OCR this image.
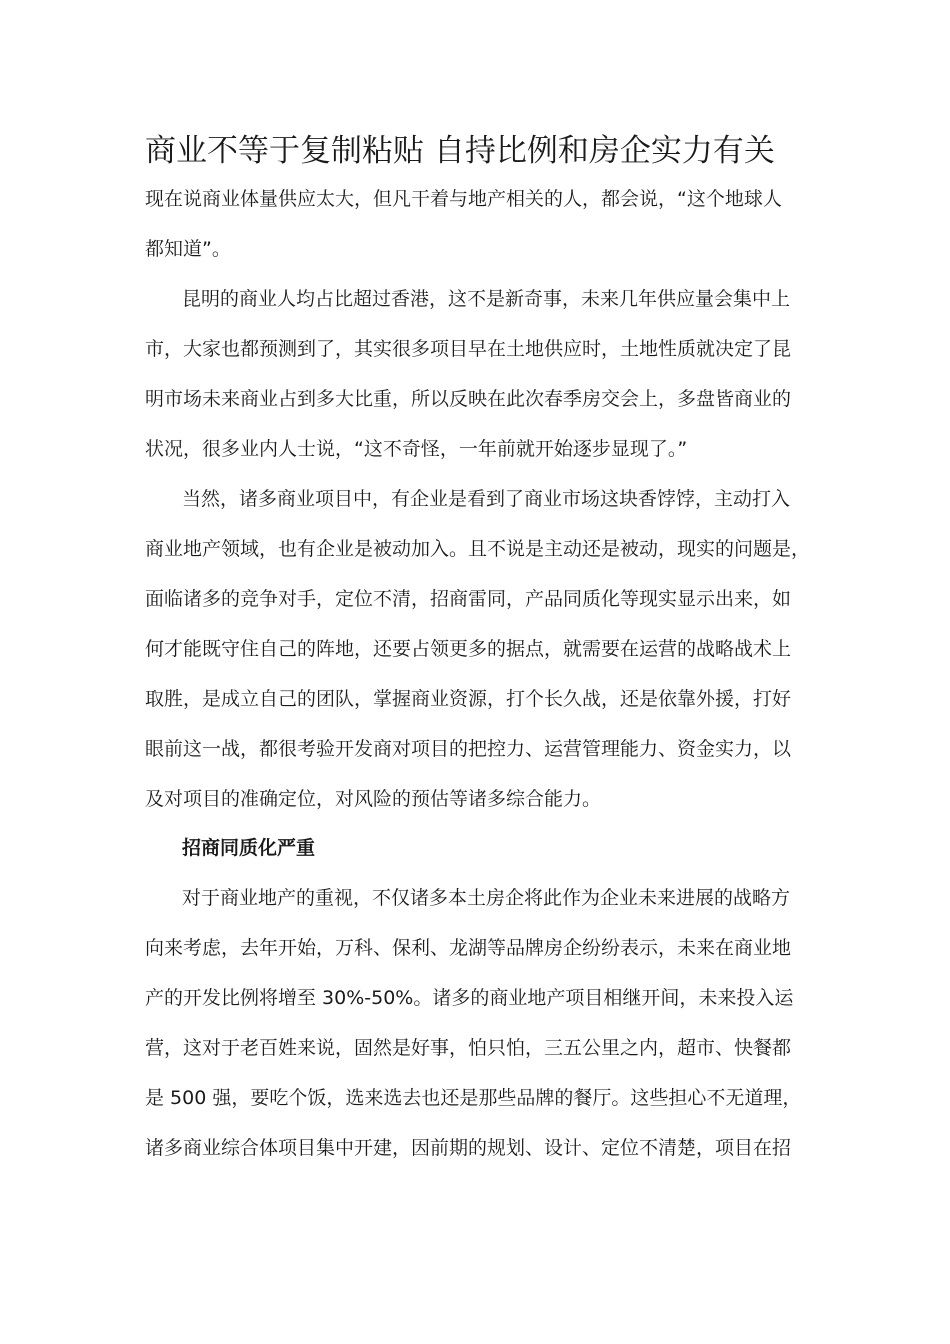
商业不等于复制粘贴 自持比例和房企实力有关
现在说商业体量供应太大，但凡干着与地产相关的人，都会说，“这个地球人
都知道”。
昆明的商业人均占比超过香港，这不是新奇事，未来几年供应量会集中上
市，大家也都预测到了，其实很多项目早在土地供应时，土地性质就决定了昆
明市场未来商业占到多大比重，所以反映在此次春季房交会上，多盘皆商业的
状况，很多业内人士说，“这不奇怪，一年前就开始逐步显现了。”
当然，诸多商业项目中，有企业是看到了商业市场这块香饽饽，主动打入
商业地产领域，也有企业是被动加入。且不说是主动还是被动，现实的问题是，
面临诸多的竞争对手，定位不清，招商雷同，产品同质化等现实显示出来，如
何才能既守住自己的阵地，还要占领更多的据点，就需要在运营的战略战术上
取胜，是成立自己的团队，掌握商业资源，打个长久战，还是依靠外援，打好
眼前这一战，都很考验开发商对项目的把控力、运营管理能力、资金实力，以
及对项目的准确定位，对风险的预估等诸多综合能力。
招商同质化严重
对于商业地产的重视，不仅诸多本土房企将此作为企业未来进展的战略方
向来考虑，去年开始，万科、保利、龙湖等品牌房企纷纷表示，未来在商业地
产的开发比例将增至 30%-50%。诸多的商业地产项目相继开间，未来投入运
营，这对于老百姓来说，固然是好事，怕只怕，三五公里之内，超市、快餐都
是 500 强，要吃个饭，选来选去也还是那些品牌的餐厅。这些担心不无道理，
诸多商业综合体项目集中开建，因前期的规划、设计、定位不清楚，项目在招
